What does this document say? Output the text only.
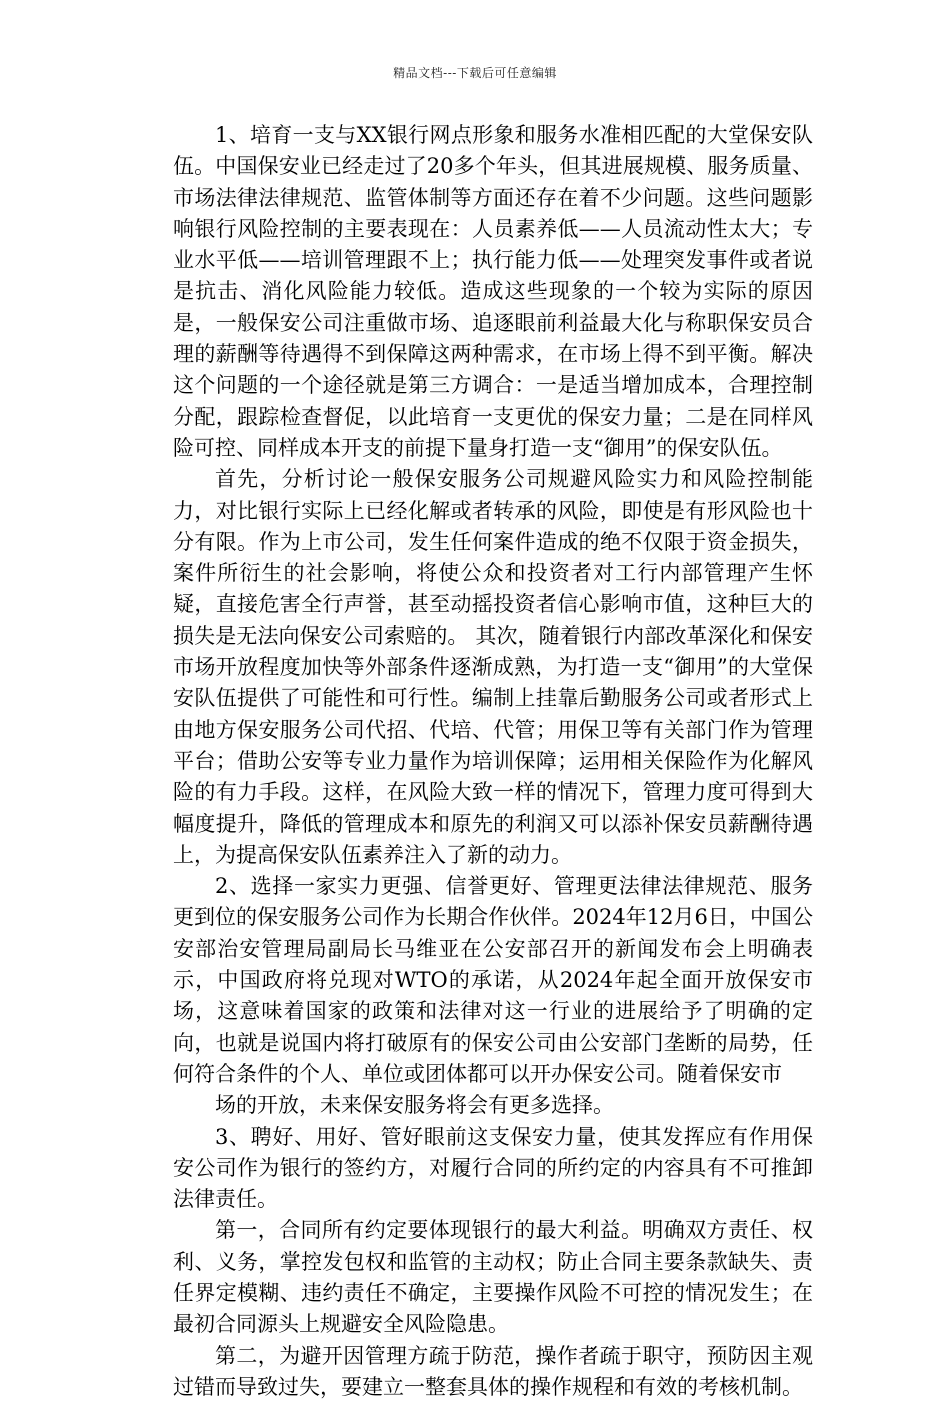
精品文档---下载后可任意编辑

1、培育一支与XX银行网点形象和服务水准相匹配的大堂保安队伍。中国保安业已经走过了20多个年头，但其进展规模、服务质量、市场法律法律规范、监管体制等方面还存在着不少问题。这些问题影响银行风险控制的主要表现在：人员素养低——人员流动性太大；专业水平低——培训管理跟不上；执行能力低——处理突发事件或者说是抗击、消化风险能力较低。造成这些现象的一个较为实际的原因是，一般保安公司注重做市场、追逐眼前利益最大化与称职保安员合理的薪酬等待遇得不到保障这两种需求，在市场上得不到平衡。解决这个问题的一个途径就是第三方调合：一是适当增加成本，合理控制分配，跟踪检查督促，以此培育一支更优的保安力量；二是在同样风险可控、同样成本开支的前提下量身打造一支“御用”的保安队伍。

首先，分析讨论一般保安服务公司规避风险实力和风险控制能力，对比银行实际上已经化解或者转承的风险，即使是有形风险也十分有限。作为上市公司，发生任何案件造成的绝不仅限于资金损失，案件所衍生的社会影响，将使公众和投资者对工行内部管理产生怀疑，直接危害全行声誉，甚至动摇投资者信心影响市值，这种巨大的损失是无法向保安公司索赔的。 其次，随着银行内部改革深化和保安市场开放程度加快等外部条件逐渐成熟，为打造一支“御用”的大堂保安队伍提供了可能性和可行性。编制上挂靠后勤服务公司或者形式上由地方保安服务公司代招、代培、代管；用保卫等有关部门作为管理平台；借助公安等专业力量作为培训保障；运用相关保险作为化解风险的有力手段。这样，在风险大致一样的情况下，管理力度可得到大幅度提升，降低的管理成本和原先的利润又可以添补保安员薪酬待遇上，为提高保安队伍素养注入了新的动力。

2、选择一家实力更强、信誉更好、管理更法律法律规范、服务更到位的保安服务公司作为长期合作伙伴。2024年12月6日，中国公安部治安管理局副局长马维亚在公安部召开的新闻发布会上明确表示，中国政府将兑现对WTO的承诺，从2024年起全面开放保安市场，这意味着国家的政策和法律对这一行业的进展给予了明确的定向，也就是说国内将打破原有的保安公司由公安部门垄断的局势，任何符合条件的个人、单位或团体都可以开办保安公司。随着保安市

场的开放，未来保安服务将会有更多选择。

3、聘好、用好、管好眼前这支保安力量，使其发挥应有作用保安公司作为银行的签约方，对履行合同的所约定的内容具有不可推卸法律责任。

第一，合同所有约定要体现银行的最大利益。明确双方责任、权利、义务，掌控发包权和监管的主动权；防止合同主要条款缺失、责任界定模糊、违约责任不确定，主要操作风险不可控的情况发生；在最初合同源头上规避安全风险隐患。

第二，为避开因管理方疏于防范，操作者疏于职守，预防因主观过错而导致过失，要建立一整套具体的操作规程和有效的考核机制。
